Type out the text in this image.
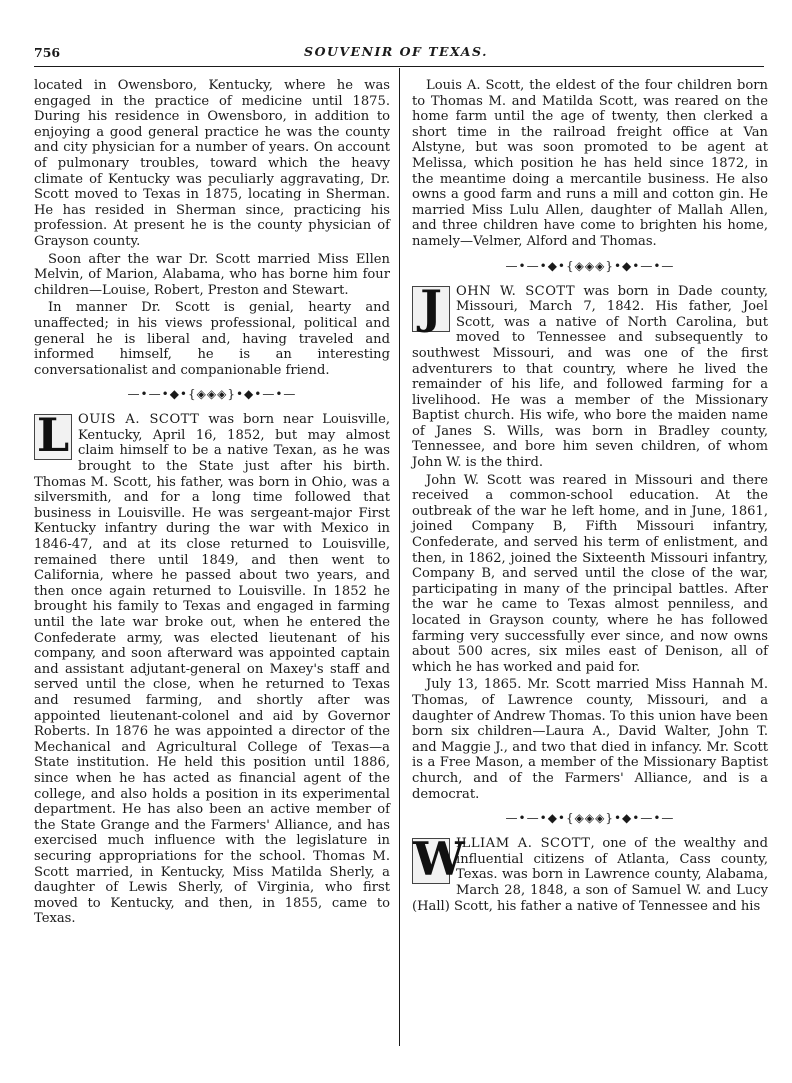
756	SOUVENIR OF TEXAS.

located in Owensboro, Kentucky, where he was engaged in the practice of medicine until 1875. During his residence in Owensboro, in addition to enjoying a good general practice he was the county and city physician for a number of years. On account of pulmonary troubles, toward which the heavy climate of Kentucky was peculiarly aggravating, Dr. Scott moved to Texas in 1875, locating in Sherman. He has resided in Sherman since, practicing his profession. At present he is the county physician of Grayson county.

Soon after the war Dr. Scott married Miss Ellen Melvin, of Marion, Alabama, who has borne him four children—Louise, Robert, Preston and Stewart.

In manner Dr. Scott is genial, hearty and unaffected; in his views professional, political and general he is liberal and, having traveled and informed himself, he is an interesting conversationalist and companionable friend.

—•—•◆•{◈◈◈}•◆•—•—

L OUIS A. SCOTT was born near Louisville, Kentucky, April 16, 1852, but may almost claim himself to be a native Texan, as he was brought to the State just after his birth. Thomas M. Scott, his father, was born in Ohio, was a silversmith, and for a long time followed that business in Louisville. He was sergeant-major First Kentucky infantry during the war with Mexico in 1846-47, and at its close returned to Louisville, remained there until 1849, and then went to California, where he passed about two years, and then once again returned to Louisville. In 1852 he brought his family to Texas and engaged in farming until the late war broke out, when he entered the Confederate army, was elected lieutenant of his company, and soon afterward was appointed captain and assistant adjutant-general on Maxey's staff and served until the close, when he returned to Texas and resumed farming, and shortly after was appointed lieutenant-colonel and aid by Governor Roberts. In 1876 he was appointed a director of the Mechanical and Agricultural College of Texas—a State institution. He held this position until 1886, since when he has acted as financial agent of the college, and also holds a position in its experimental department. He has also been an active member of the State Grange and the Farmers' Alliance, and has exercised much influence with the legislature in securing appropriations for the school. Thomas M. Scott married, in Kentucky, Miss Matilda Sherly, a daughter of Lewis Sherly, of Virginia, who first moved to Kentucky, and then, in 1855, came to Texas.

Louis A. Scott, the eldest of the four children born to Thomas M. and Matilda Scott, was reared on the home farm until the age of twenty, then clerked a short time in the railroad freight office at Van Alstyne, but was soon promoted to be agent at Melissa, which position he has held since 1872, in the meantime doing a mercantile business. He also owns a good farm and runs a mill and cotton gin. He married Miss Lulu Allen, daughter of Mallah Allen, and three children have come to brighten his home, namely—Velmer, Alford and Thomas.

—•—•◆•{◈◈◈}•◆•—•—

J	OHN W. SCOTT was born in Dade county, Missouri, March 7, 1842. His father, Joel Scott, was a native of North Carolina, but moved to Tennessee and subsequently to southwest Missouri, and was one of the first adventurers to that country, where he lived the remainder of his life, and followed farming for a livelihood. He was a member of the Missionary Baptist church. His wife, who bore the maiden name of Janes S. Wills, was born in Bradley county, Tennessee, and bore him seven children, of whom John W. is the third.

John W. Scott was reared in Missouri and there received a common-school education. At the outbreak of the war he left home, and in June, 1861, joined Company B, Fifth Missouri infantry, Confederate, and served his term of enlistment, and then, in 1862, joined the Sixteenth Missouri infantry, Company B, and served until the close of the war, participating in many of the principal battles. After the war he came to Texas almost penniless, and located in Grayson county, where he has followed farming very successfully ever since, and now owns about 500 acres, six miles east of Denison, all of which he has worked and paid for.

July 13, 1865. Mr. Scott married Miss Hannah M. Thomas, of Lawrence county, Missouri, and a daughter of Andrew Thomas. To this union have been born six children—Laura A., David Walter, John T. and Maggie J., and two that died in infancy. Mr. Scott is a Free Mason, a member of the Missionary Baptist church, and of the Farmers' Alliance, and is a democrat.

—•—•◆•{◈◈◈}•◆•—•—

W
ILLIAM A. SCOTT, one of the wealthy and influential citizens of Atlanta, Cass county, Texas. was born in Lawrence county, Alabama, March 28, 1848, a son of Samuel W. and Lucy (Hall) Scott, his father a native of Tennessee and his
